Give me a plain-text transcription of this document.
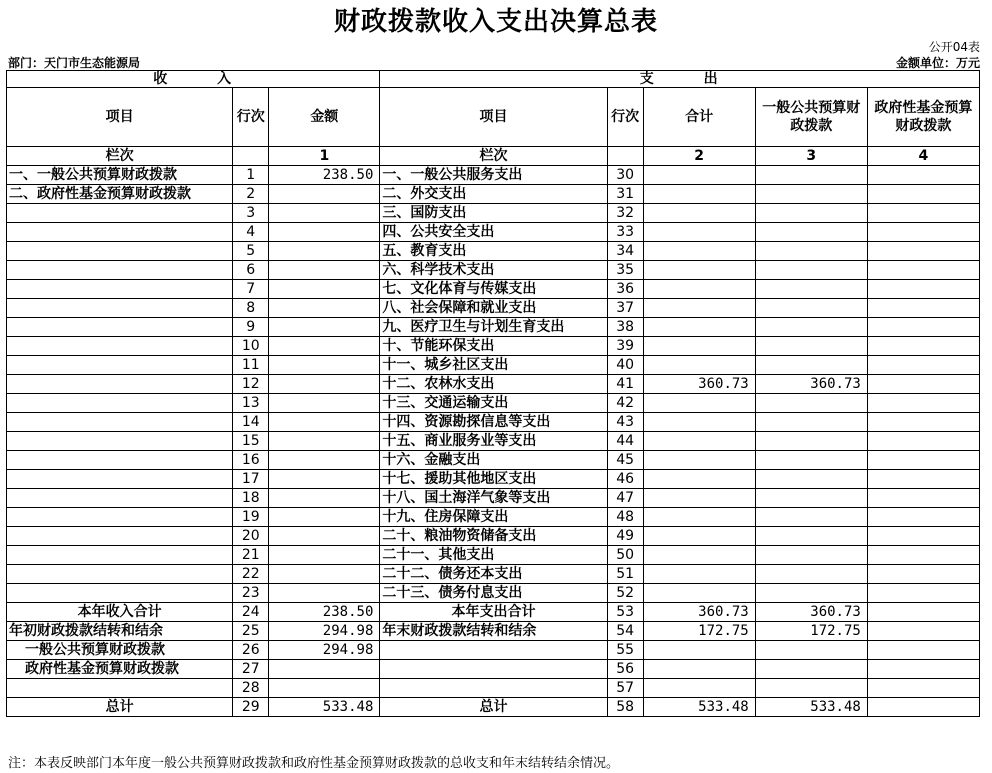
财政拨款收入支出决算总表
公开04表
部门：天门市生态能源局	金额单位：万元
收　　　入			支　　　出				
项目	行次	金额	项目	行次	合计	一般公共预算财政拨款	政府性基金预算财政拨款
栏次		1	栏次		2	3	4
一、一般公共预算财政拨款	1	238.50	一、一般公共服务支出	30			
二、政府性基金预算财政拨款	2		二、外交支出	31			
	3		三、国防支出	32			
	4		四、公共安全支出	33			
	5		五、教育支出	34			
	6		六、科学技术支出	35			
	7		七、文化体育与传媒支出	36			
	8		八、社会保障和就业支出	37			
	9		九、医疗卫生与计划生育支出	38			
	10		十、节能环保支出	39			
	11		十一、城乡社区支出	40			
	12		十二、农林水支出	41	360.73	360.73	
	13		十三、交通运输支出	42			
	14		十四、资源勘探信息等支出	43			
	15		十五、商业服务业等支出	44			
	16		十六、金融支出	45			
	17		十七、援助其他地区支出	46			
	18		十八、国土海洋气象等支出	47			
	19		十九、住房保障支出	48			
	20		二十、粮油物资储备支出	49			
	21		二十一、其他支出	50			
	22		二十二、债务还本支出	51			
	23		二十三、债务付息支出	52			
本年收入合计	24	238.50	本年支出合计	53	360.73	360.73	
年初财政拨款结转和结余	25	294.98	年末财政拨款结转和结余	54	172.75	172.75	
一般公共预算财政拨款	26	294.98		55			
政府性基金预算财政拨款	27			56			
	28			57			
总计	29	533.48	总计	58	533.48	533.48	
注：本表反映部门本年度一般公共预算财政拨款和政府性基金预算财政拨款的总收支和年末结转结余情况。
